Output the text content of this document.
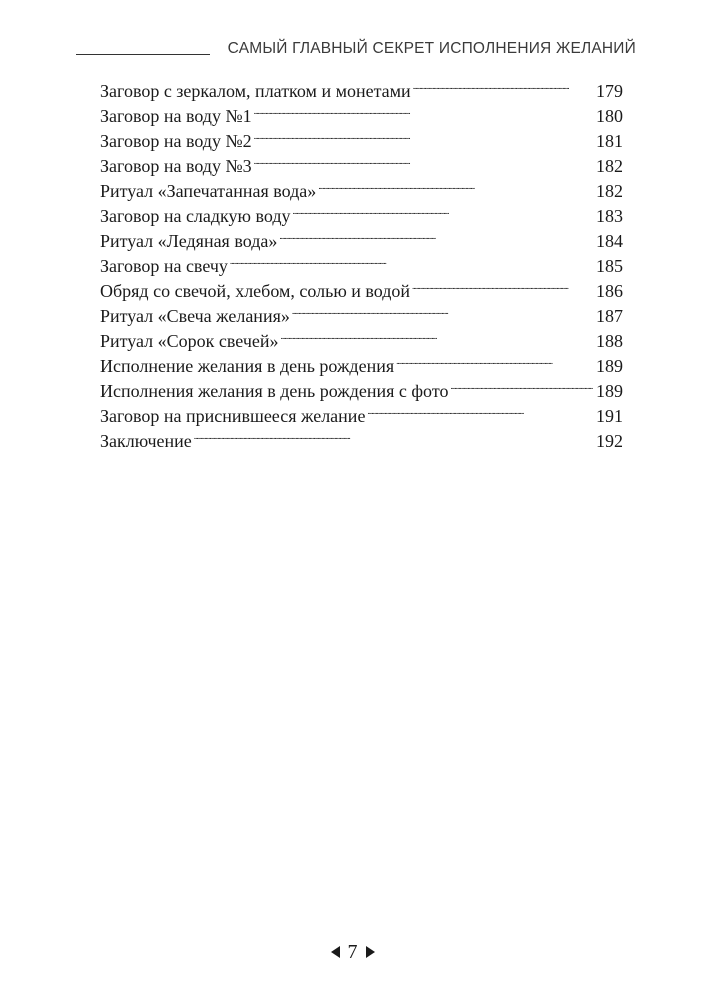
САМЫЙ ГЛАВНЫЙ СЕКРЕТ ИСПОЛНЕНИЯ ЖЕЛАНИЙ
Заговор с зеркалом, платком и монетами . . .	179
Заговор на воду №1 . . .	180
Заговор на воду №2 . . .	181
Заговор на воду №3 . . .	182
Ритуал «Запечатанная вода» . . .	182
Заговор на сладкую воду . . .	183
Ритуал «Ледяная вода» . . .	184
Заговор на свечу . . .	185
Обряд со свечой, хлебом, солью и водой . . .	186
Ритуал «Свеча желания» . . .	187
Ритуал «Сорок свечей» . . .	188
Исполнение желания в день рождения . . .	189
Исполнения желания в день рождения с фото . . .	189
Заговор на приснившееся желание . . .	191
Заключение . . .	192
7
